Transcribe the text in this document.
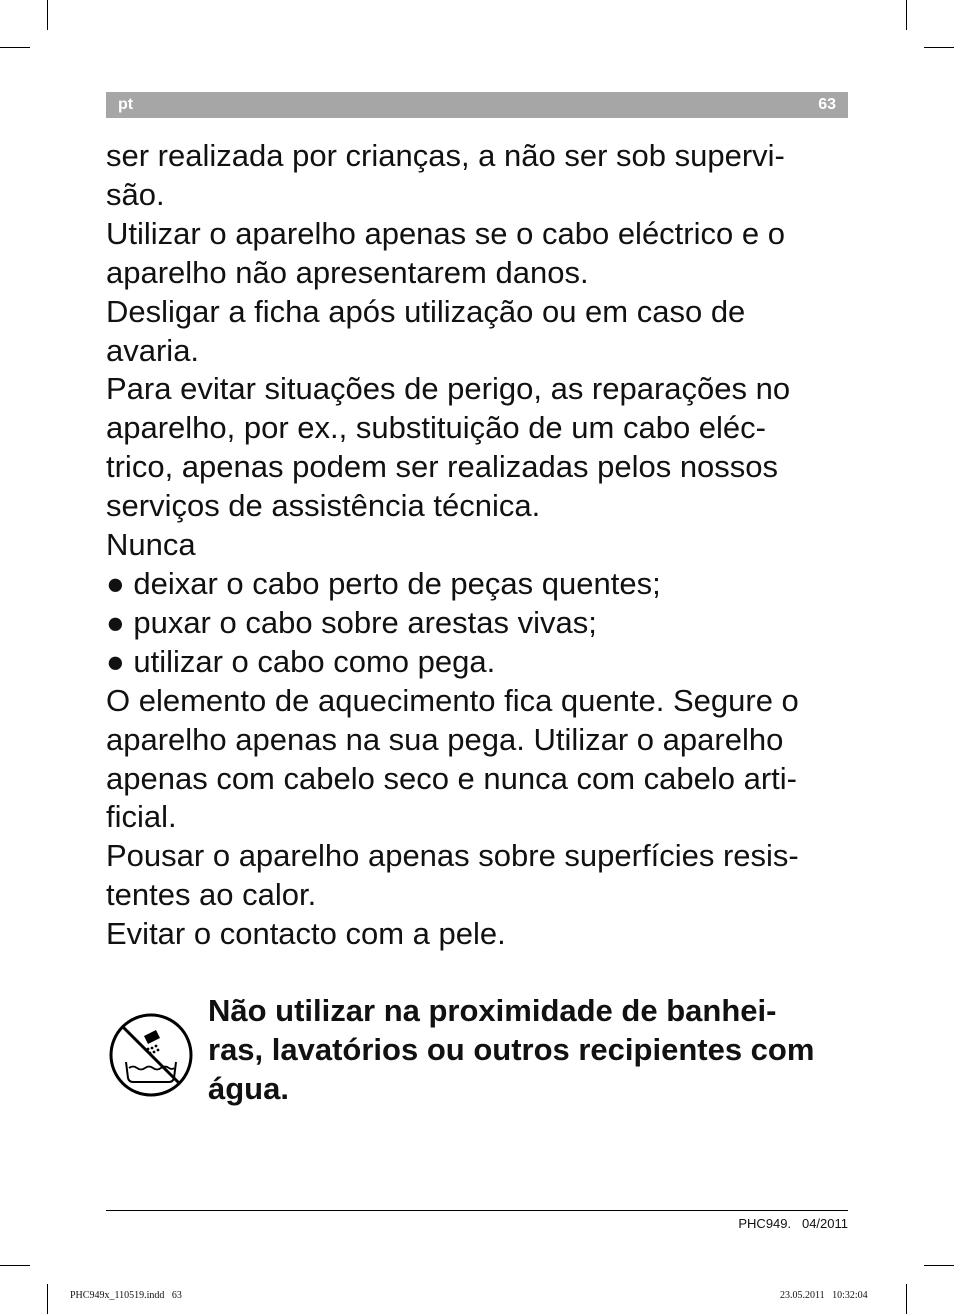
pt	63
ser realizada por crianças, a não ser sob supervi-
são.
Utilizar o aparelho apenas se o cabo eléctrico e o
aparelho não apresentarem danos.
Desligar a ficha após utilização ou em caso de
avaria.
Para evitar situações de perigo, as reparações no
aparelho, por ex., substituição de um cabo eléc-
trico, apenas podem ser realizadas pelos nossos
serviços de assistência técnica.
Nunca
● deixar o cabo perto de peças quentes;
● puxar o cabo sobre arestas vivas;
● utilizar o cabo como pega.
O elemento de aquecimento fica quente. Segure o
aparelho apenas na sua pega. Utilizar o aparelho
apenas com cabelo seco e nunca com cabelo arti-
ficial.
Pousar o aparelho apenas sobre superfícies resis-
tentes ao calor.
Evitar o contacto com a pele.
Não utilizar na proximidade de banhei-
ras, lavatórios ou outros recipientes com
água.
PHC949.   04/2011
PHC949x_110519.indd   63	23.05.2011   10:32:04
